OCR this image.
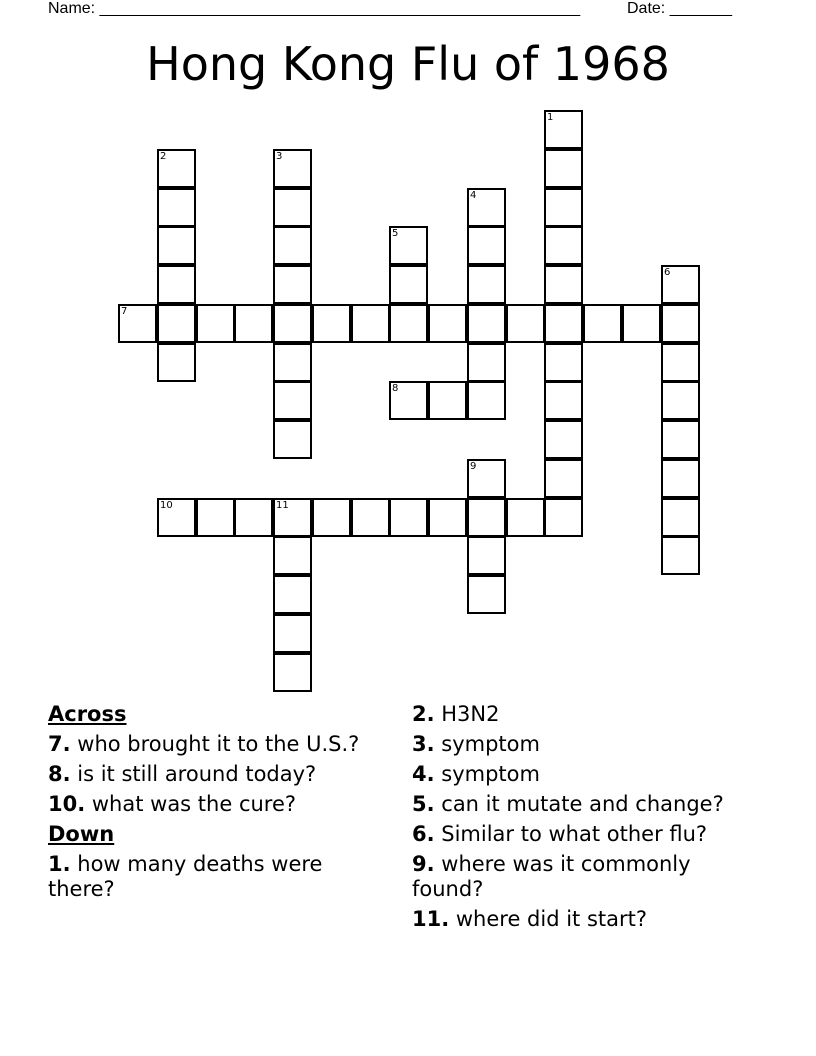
Name: ______________________________________________________	Date: _______
Hong Kong Flu of 1968
1
2	3
4
5
6
7
8
9
10	11
Across
7. who brought it to the U.S.?
8. is it still around today?
10. what was the cure?
Down
1. how many deaths were there?
2. H3N2
3. symptom
4. symptom
5. can it mutate and change?
6. Similar to what other flu?
9. where was it commonly found?
11. where did it start?
